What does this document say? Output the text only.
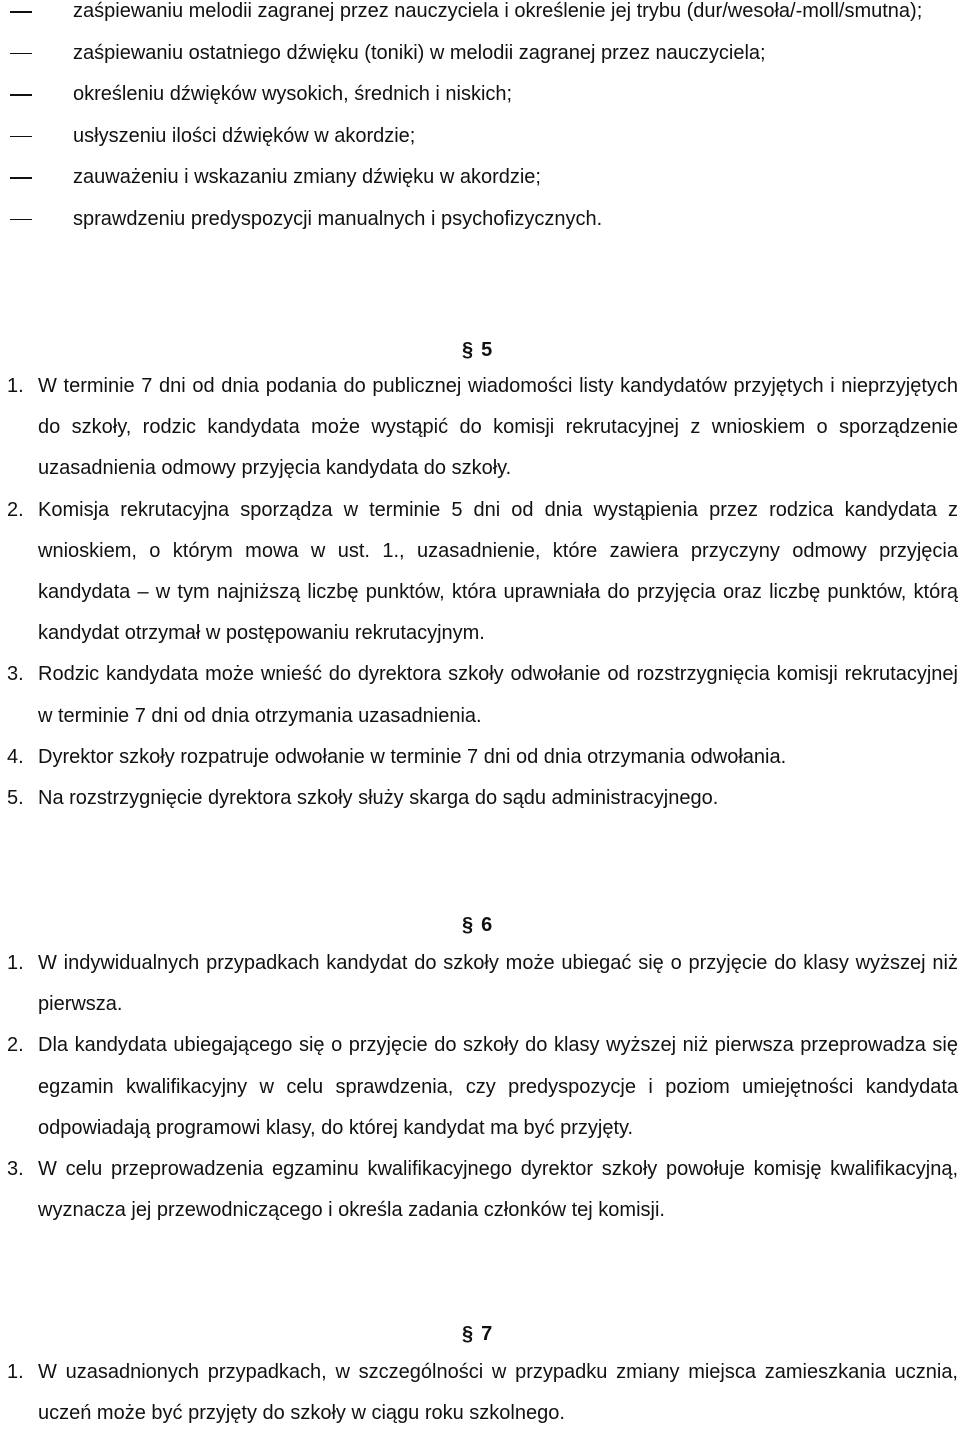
zaśpiewaniu melodii zagranej przez nauczyciela i określenie jej trybu (dur/wesoła/-moll/smutna);
zaśpiewaniu ostatniego dźwięku (toniki) w melodii zagranej przez nauczyciela;
określeniu dźwięków wysokich, średnich i niskich;
usłyszeniu ilości dźwięków w akordzie;
zauważeniu i wskazaniu zmiany dźwięku w akordzie;
sprawdzeniu predyspozycji manualnych i psychofizycznych.
§ 5
1. W terminie 7 dni od dnia podania do publicznej wiadomości listy kandydatów przyjętych i nieprzyjętych do szkoły, rodzic kandydata może wystąpić do komisji rekrutacyjnej z wnioskiem o sporządzenie uzasadnienia odmowy przyjęcia kandydata do szkoły.
2. Komisja rekrutacyjna sporządza w terminie 5 dni od dnia wystąpienia przez rodzica kandydata z wnioskiem, o którym mowa w ust. 1., uzasadnienie, które zawiera przyczyny odmowy przyjęcia kandydata – w tym najniższą liczbę punktów, która uprawniała do przyjęcia oraz liczbę punktów, którą kandydat otrzymał w postępowaniu rekrutacyjnym.
3. Rodzic kandydata może wnieść do dyrektora szkoły odwołanie od rozstrzygnięcia komisji rekrutacyjnej w terminie 7 dni od dnia otrzymania uzasadnienia.
4. Dyrektor szkoły rozpatruje odwołanie w terminie 7 dni od dnia otrzymania odwołania.
5. Na rozstrzygnięcie dyrektora szkoły służy skarga do sądu administracyjnego.
§ 6
1. W indywidualnych przypadkach kandydat do szkoły może ubiegać się o przyjęcie do klasy wyższej niż pierwsza.
2. Dla kandydata ubiegającego się o przyjęcie do szkoły do klasy wyższej niż pierwsza przeprowadza się egzamin kwalifikacyjny w celu sprawdzenia, czy predyspozycje i poziom umiejętności kandydata odpowiadają programowi klasy, do której kandydat ma być przyjęty.
3. W celu przeprowadzenia egzaminu kwalifikacyjnego dyrektor szkoły powołuje komisję kwalifikacyjną, wyznacza jej przewodniczącego i określa zadania członków tej komisji.
§ 7
1. W uzasadnionych przypadkach, w szczególności w przypadku zmiany miejsca zamieszkania ucznia, uczeń może być przyjęty do szkoły w ciągu roku szkolnego.
